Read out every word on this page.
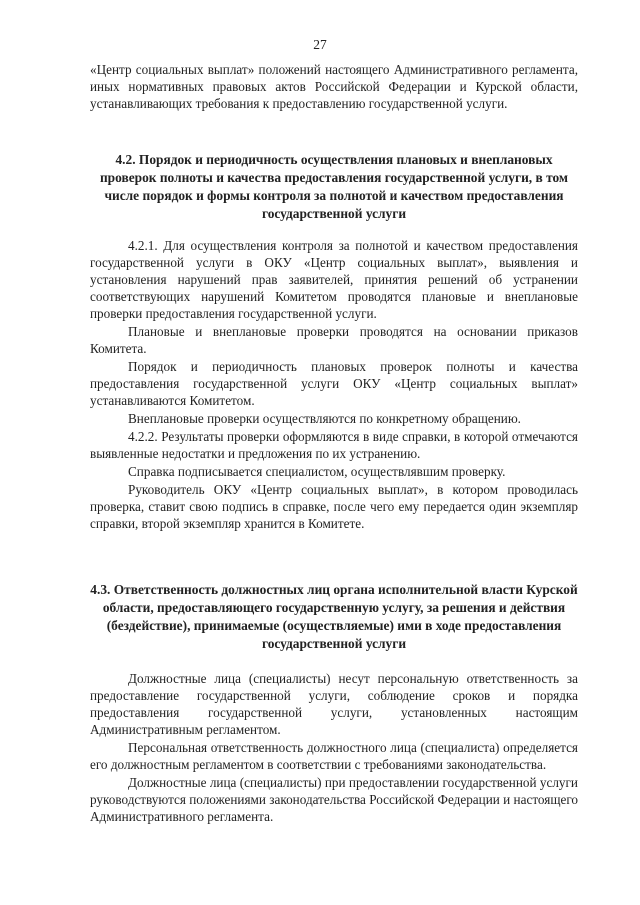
27

«Центр социальных выплат» положений настоящего Административного регламента, иных нормативных правовых актов Российской Федерации и Курской области, устанавливающих требования к предоставлению государственной услуги.

4.2. Порядок и периодичность осуществления плановых и внеплановых проверок полноты и качества предоставления государственной услуги, в том числе порядок и формы контроля за полнотой и качеством предоставления государственной услуги

4.2.1. Для осуществления контроля за полнотой и качеством предоставления государственной услуги в ОКУ «Центр социальных выплат», выявления и установления нарушений прав заявителей, принятия решений об устранении соответствующих нарушений Комитетом проводятся плановые и внеплановые проверки предоставления государственной услуги.

Плановые и внеплановые проверки проводятся на основании приказов Комитета.

Порядок и периодичность плановых проверок полноты и качества предоставления государственной услуги ОКУ «Центр социальных выплат» устанавливаются Комитетом.

Внеплановые проверки осуществляются по конкретному обращению.

4.2.2. Результаты проверки оформляются в виде справки, в которой отмечаются выявленные недостатки и предложения по их устранению.

Справка подписывается специалистом, осуществлявшим проверку.

Руководитель ОКУ «Центр социальных выплат», в котором проводилась проверка, ставит свою подпись в справке, после чего ему передается один экземпляр справки, второй экземпляр хранится в Комитете.

4.3. Ответственность должностных лиц органа исполнительной власти Курской области, предоставляющего государственную услугу, за решения и действия (бездействие), принимаемые (осуществляемые) ими в ходе предоставления государственной услуги

Должностные лица (специалисты) несут персональную ответственность за предоставление государственной услуги, соблюдение сроков и порядка предоставления государственной услуги, установленных настоящим Административным регламентом.

Персональная ответственность должностного лица (специалиста) определяется его должностным регламентом в соответствии с требованиями законодательства.

Должностные лица (специалисты) при предоставлении государственной услуги руководствуются положениями законодательства Российской Федерации и настоящего Административного регламента.
